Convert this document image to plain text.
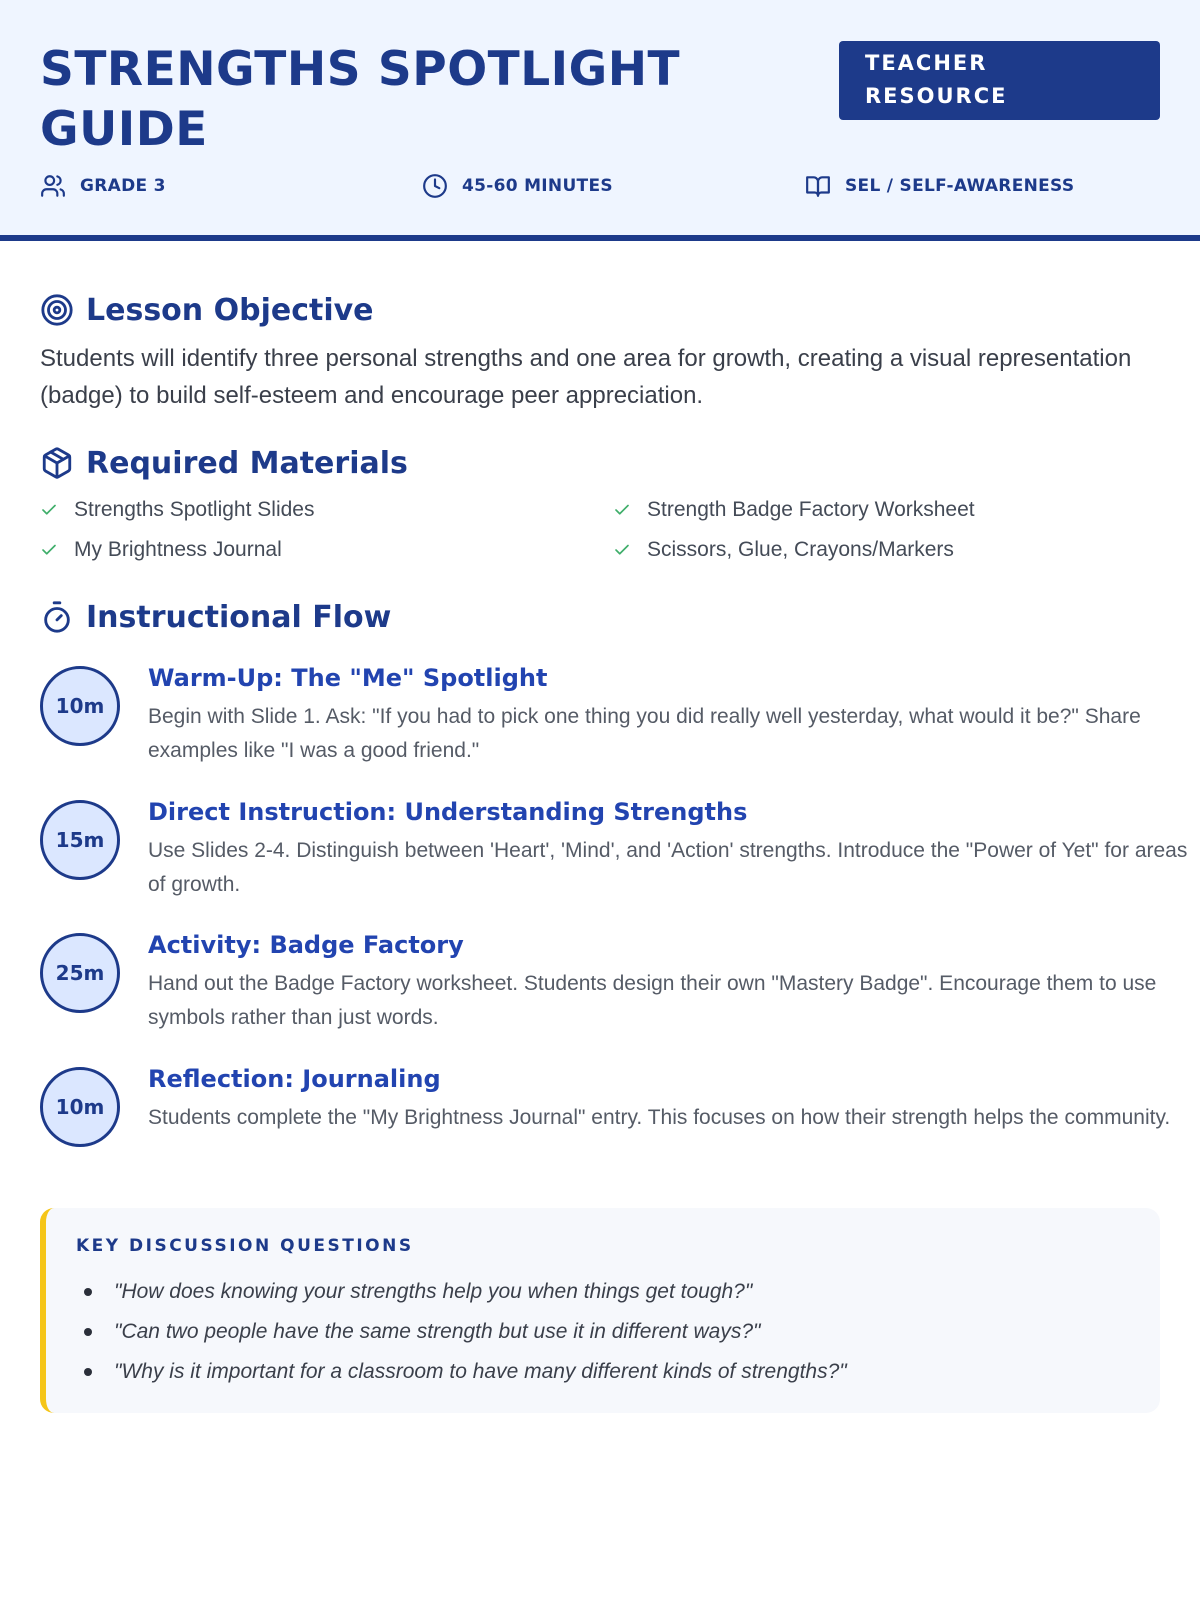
STRENGTHS SPOTLIGHT GUIDE
TEACHER RESOURCE
GRADE 3	45-60 MINUTES	SEL / SELF-AWARENESS
Lesson Objective
Students will identify three personal strengths and one area for growth, creating a visual representation (badge) to build self-esteem and encourage peer appreciation.
Required Materials
Strengths Spotlight Slides	Strength Badge Factory Worksheet
My Brightness Journal	Scissors, Glue, Crayons/Markers
Instructional Flow
10m
Warm-Up: The "Me" Spotlight
Begin with Slide 1. Ask: "If you had to pick one thing you did really well yesterday, what would it be?" Share examples like "I was a good friend."
15m
Direct Instruction: Understanding Strengths
Use Slides 2-4. Distinguish between 'Heart', 'Mind', and 'Action' strengths. Introduce the "Power of Yet" for areas of growth.
25m
Activity: Badge Factory
Hand out the Badge Factory worksheet. Students design their own "Mastery Badge". Encourage them to use symbols rather than just words.
10m
Reflection: Journaling
Students complete the "My Brightness Journal" entry. This focuses on how their strength helps the community.
KEY DISCUSSION QUESTIONS
"How does knowing your strengths help you when things get tough?"
"Can two people have the same strength but use it in different ways?"
"Why is it important for a classroom to have many different kinds of strengths?"
